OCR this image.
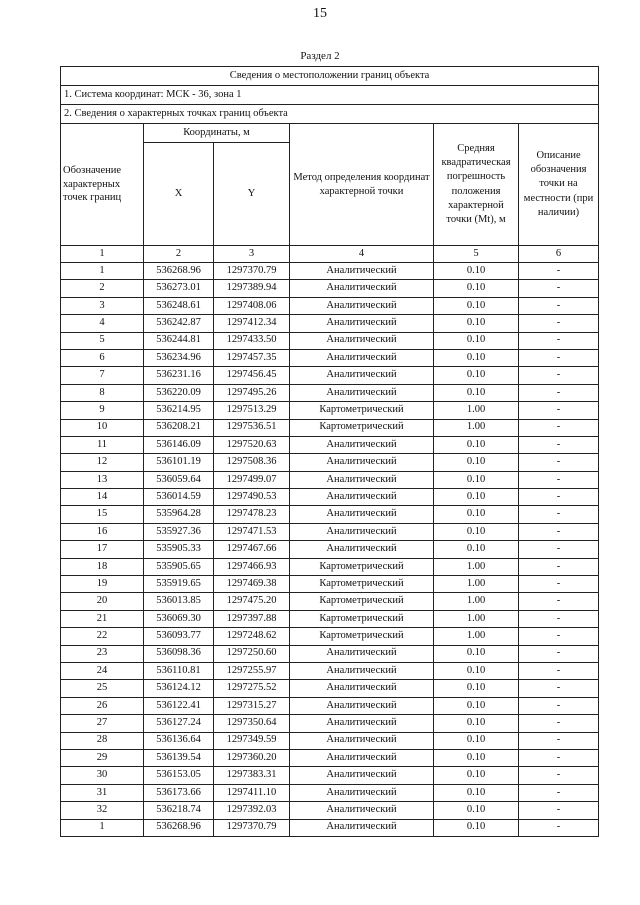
15
Раздел 2
Сведения о местоположении границ объекта					
1. Система координат: МСК - 36, зона 1					
2. Сведения о характерных точках границ объекта					
Обозначение характерных точек границ	Координаты, м		Метод определения координат характерной точки	Средняя квадратическая погрешность положения характерной точки (Mt), м	Описание обозначения точки на местности (при наличии)
	X	Y			
1	2	3	4	5	6
1	536268.96	1297370.79	Аналитический	0.10	-
2	536273.01	1297389.94	Аналитический	0.10	-
3	536248.61	1297408.06	Аналитический	0.10	-
4	536242.87	1297412.34	Аналитический	0.10	-
5	536244.81	1297433.50	Аналитический	0.10	-
6	536234.96	1297457.35	Аналитический	0.10	-
7	536231.16	1297456.45	Аналитический	0.10	-
8	536220.09	1297495.26	Аналитический	0.10	-
9	536214.95	1297513.29	Картометрический	1.00	-
10	536208.21	1297536.51	Картометрический	1.00	-
11	536146.09	1297520.63	Аналитический	0.10	-
12	536101.19	1297508.36	Аналитический	0.10	-
13	536059.64	1297499.07	Аналитический	0.10	-
14	536014.59	1297490.53	Аналитический	0.10	-
15	535964.28	1297478.23	Аналитический	0.10	-
16	535927.36	1297471.53	Аналитический	0.10	-
17	535905.33	1297467.66	Аналитический	0.10	-
18	535905.65	1297466.93	Картометрический	1.00	-
19	535919.65	1297469.38	Картометрический	1.00	-
20	536013.85	1297475.20	Картометрический	1.00	-
21	536069.30	1297397.88	Картометрический	1.00	-
22	536093.77	1297248.62	Картометрический	1.00	-
23	536098.36	1297250.60	Аналитический	0.10	-
24	536110.81	1297255.97	Аналитический	0.10	-
25	536124.12	1297275.52	Аналитический	0.10	-
26	536122.41	1297315.27	Аналитический	0.10	-
27	536127.24	1297350.64	Аналитический	0.10	-
28	536136.64	1297349.59	Аналитический	0.10	-
29	536139.54	1297360.20	Аналитический	0.10	-
30	536153.05	1297383.31	Аналитический	0.10	-
31	536173.66	1297411.10	Аналитический	0.10	-
32	536218.74	1297392.03	Аналитический	0.10	-
1	536268.96	1297370.79	Аналитический	0.10	-
